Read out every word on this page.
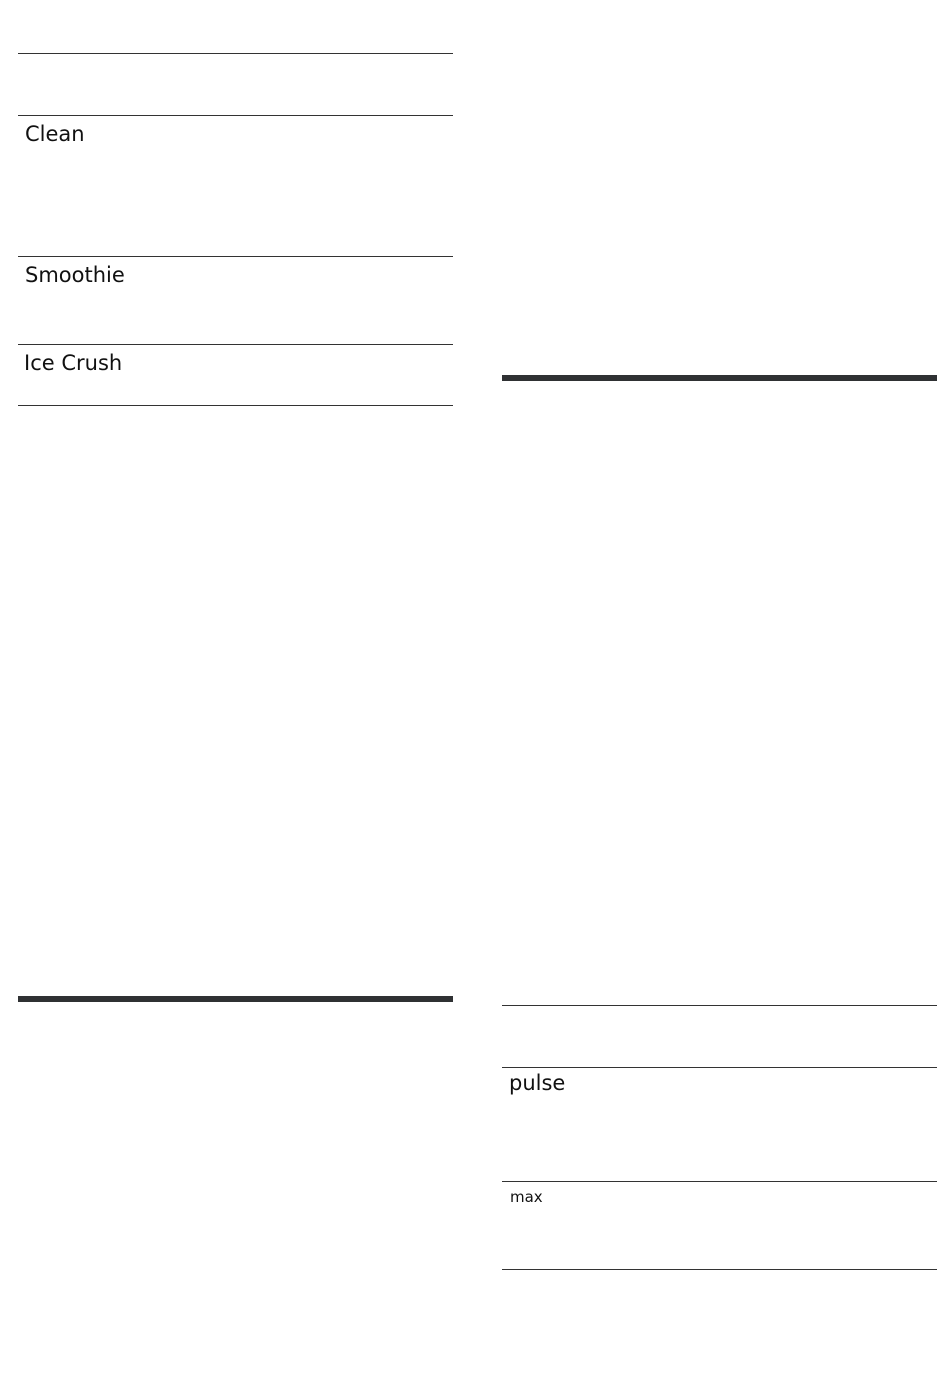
Clean
Smoothie
Ice Crush
pulse
max
